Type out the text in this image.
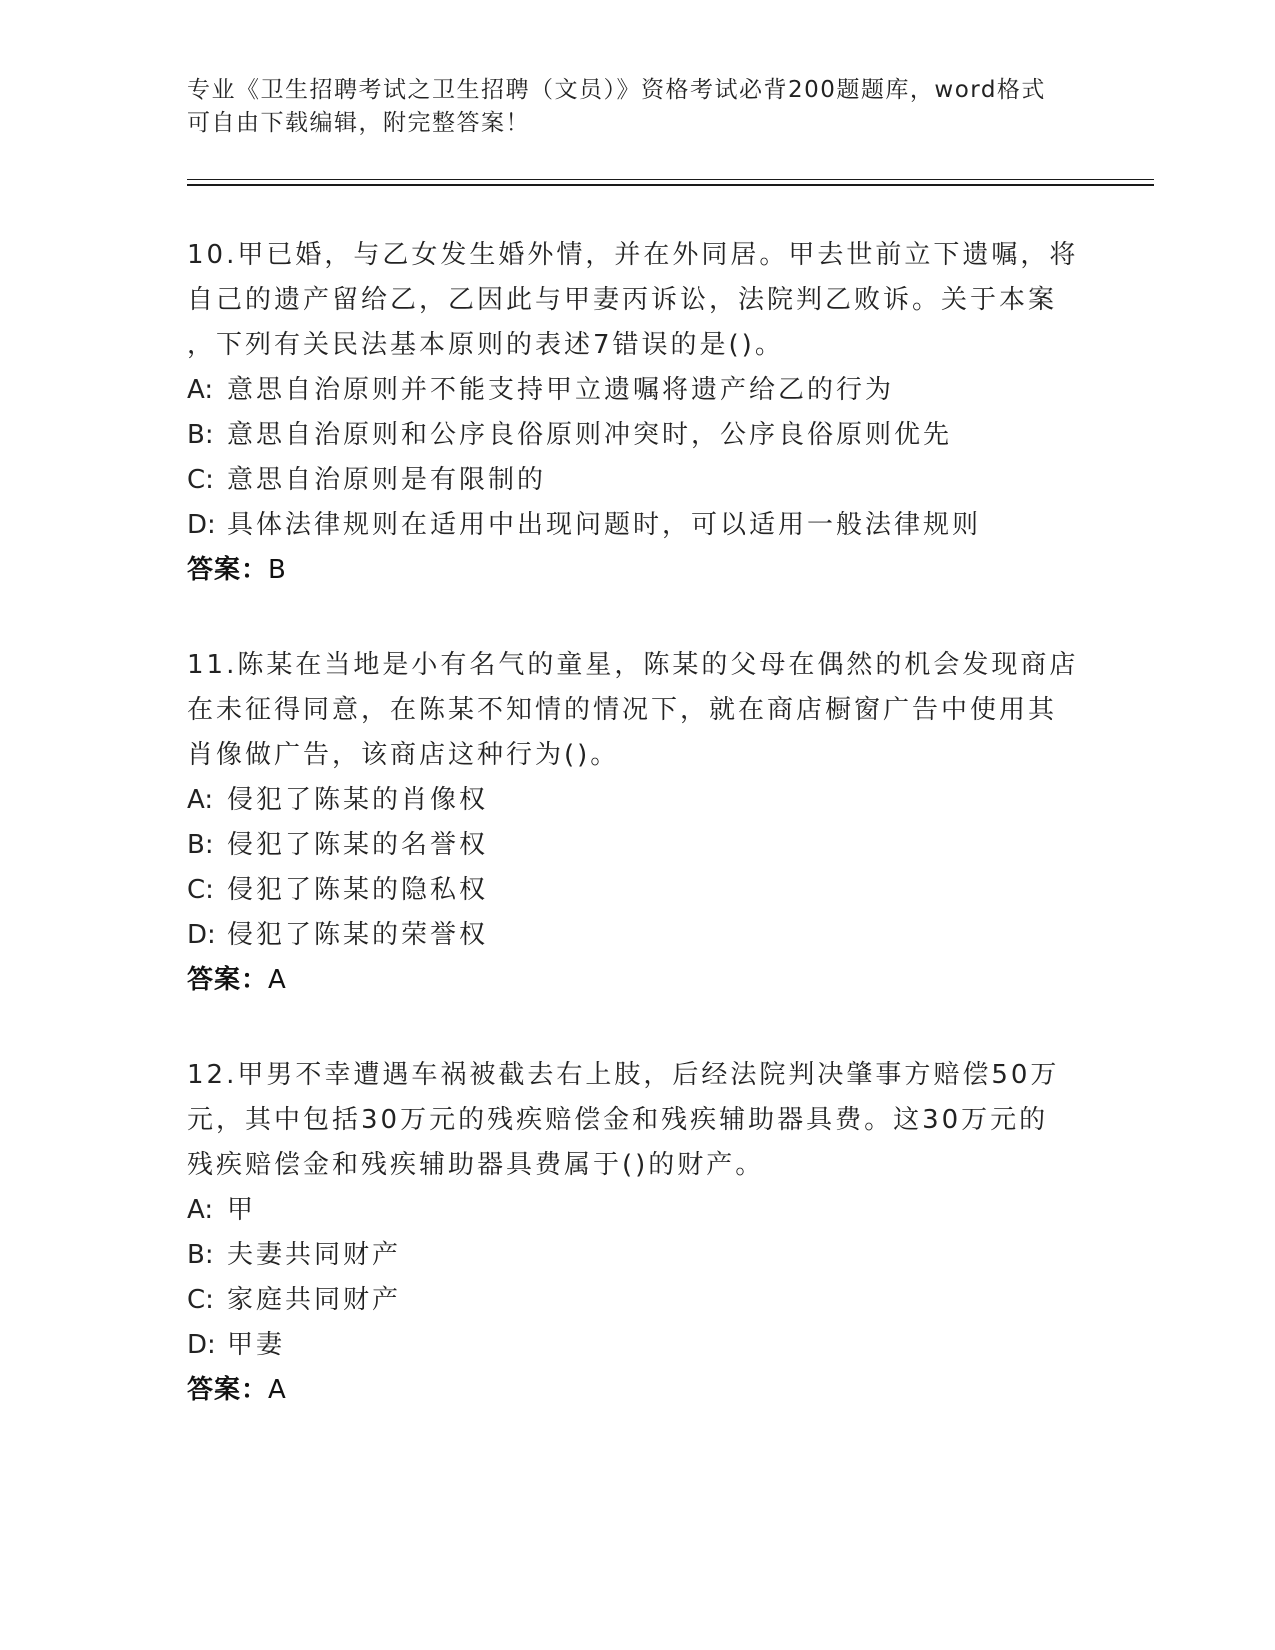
专业《卫生招聘考试之卫生招聘（文员）》资格考试必背200题题库，word格式
可自由下载编辑，附完整答案！
10.甲已婚，与乙女发生婚外情，并在外同居。甲去世前立下遗嘱，将
自己的遗产留给乙，乙因此与甲妻丙诉讼，法院判乙败诉。关于本案
，下列有关民法基本原则的表述7错误的是()。
A: 意思自治原则并不能支持甲立遗嘱将遗产给乙的行为
B: 意思自治原则和公序良俗原则冲突时，公序良俗原则优先
C: 意思自治原则是有限制的
D: 具体法律规则在适用中出现问题时，可以适用一般法律规则
答案：B
11.陈某在当地是小有名气的童星，陈某的父母在偶然的机会发现商店
在未征得同意，在陈某不知情的情况下，就在商店橱窗广告中使用其
肖像做广告，该商店这种行为()。
A: 侵犯了陈某的肖像权
B: 侵犯了陈某的名誉权
C: 侵犯了陈某的隐私权
D: 侵犯了陈某的荣誉权
答案：A
12.甲男不幸遭遇车祸被截去右上肢，后经法院判决肇事方赔偿50万
元，其中包括30万元的残疾赔偿金和残疾辅助器具费。这30万元的
残疾赔偿金和残疾辅助器具费属于()的财产。
A: 甲
B: 夫妻共同财产
C: 家庭共同财产
D: 甲妻
答案：A
